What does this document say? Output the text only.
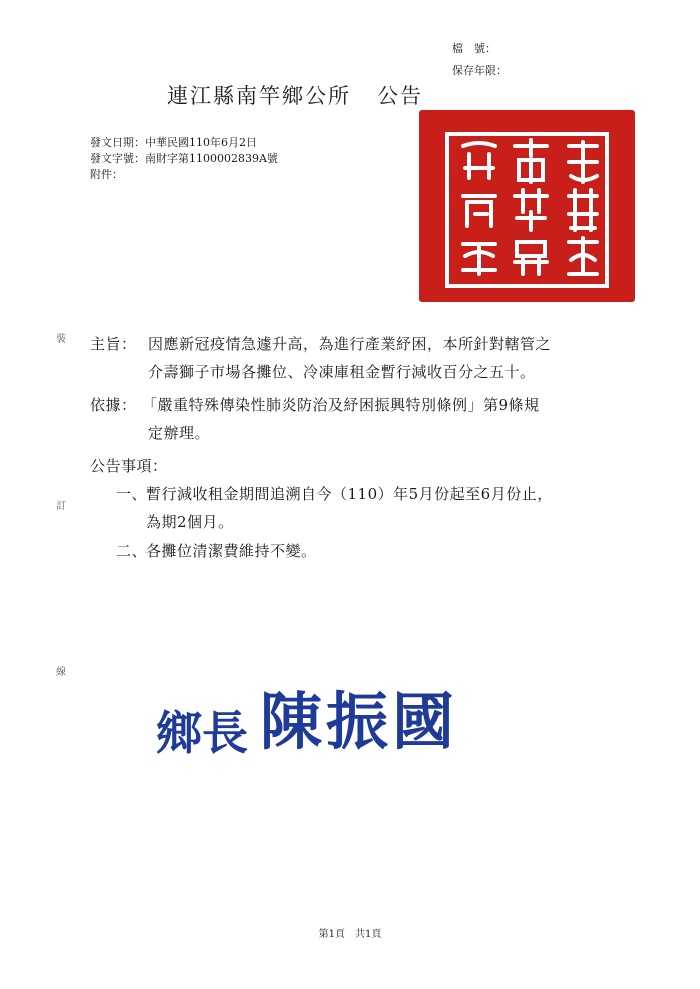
檔　號：
保存年限：
連江縣南竿鄉公所 公告
發文日期：中華民國110年6月2日
發文字號：南財字第1100002839A號
附件：
裝
訂
線
主旨： 因應新冠疫情急遽升高，為進行產業紓困，本所針對轄管之
介壽獅子市場各攤位、冷凍庫租金暫行減收百分之五十。
依據： 「嚴重特殊傳染性肺炎防治及紓困振興特別條例」第9條規
定辦理。
公告事項：
一、
暫行減收租金期間追溯自今（110）年5月份起至6月份止，
為期2個月。
二、
各攤位清潔費維持不變。
鄉長 陳振國
第1頁 共1頁
